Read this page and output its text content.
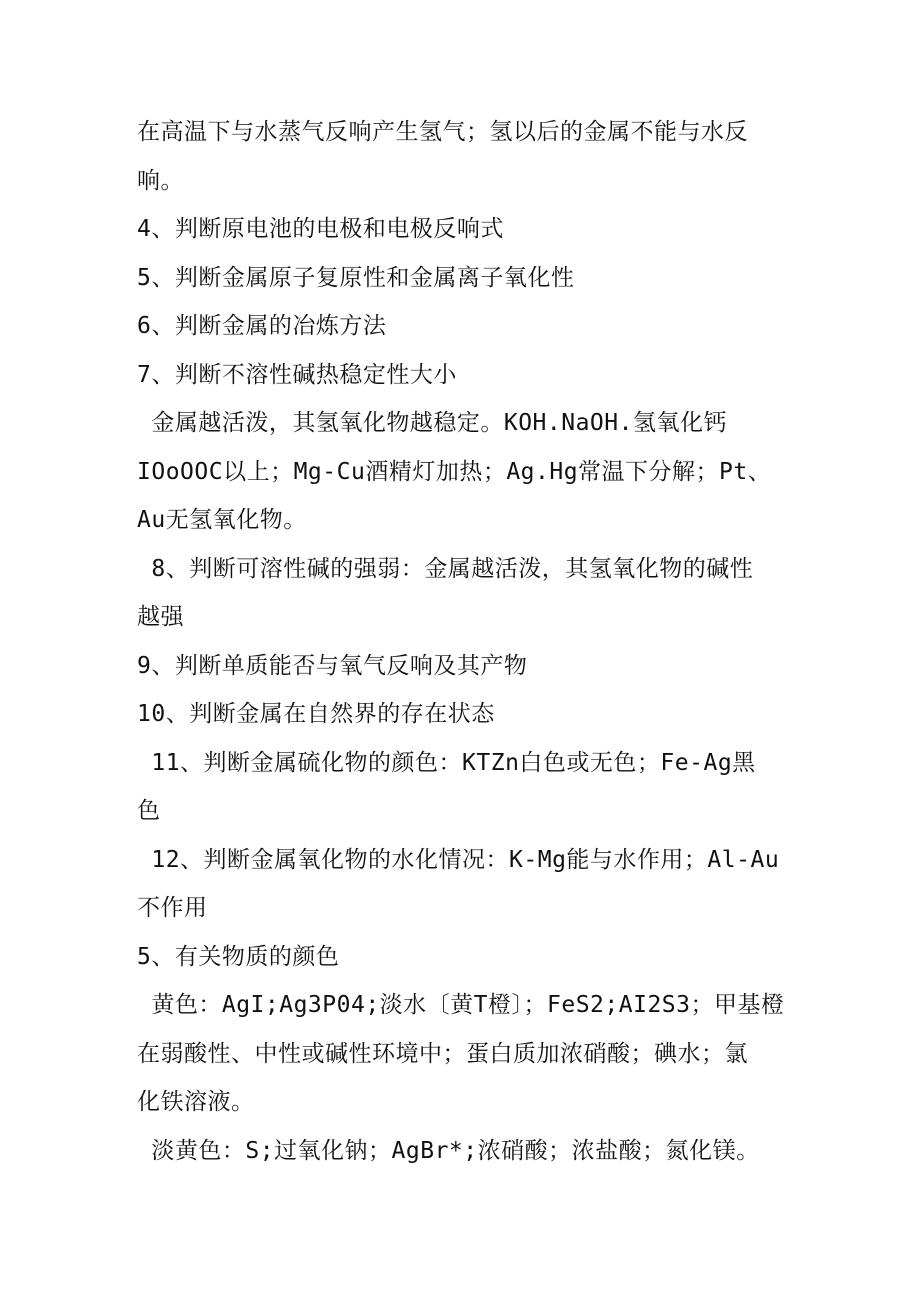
在高温下与水蒸气反响产生氢气；氢以后的金属不能与水反
响。
4、判断原电池的电极和电极反响式
5、判断金属原子复原性和金属离子氧化性
6、判断金属的冶炼方法
7、判断不溶性碱热稳定性大小
金属越活泼，其氢氧化物越稳定。KOH.NaOH.氢氧化钙
IOoOOC以上；Mg-Cu酒精灯加热；Ag.Hg常温下分解；Pt、
Au无氢氧化物。
8、判断可溶性碱的强弱：金属越活泼，其氢氧化物的碱性
越强
9、判断单质能否与氧气反响及其产物
10、判断金属在自然界的存在状态
11、判断金属硫化物的颜色：KTZn白色或无色；Fe-Ag黑
色
12、判断金属氧化物的水化情况：K-Mg能与水作用；Al-Au
不作用
5、有关物质的颜色
黄色：AgI;Ag3P04;淡水〔黄T橙〕；FeS2;AI2S3；甲基橙
在弱酸性、中性或碱性环境中；蛋白质加浓硝酸；碘水；氯
化铁溶液。
淡黄色：S;过氧化钠；AgBr*;浓硝酸；浓盐酸；氮化镁。
